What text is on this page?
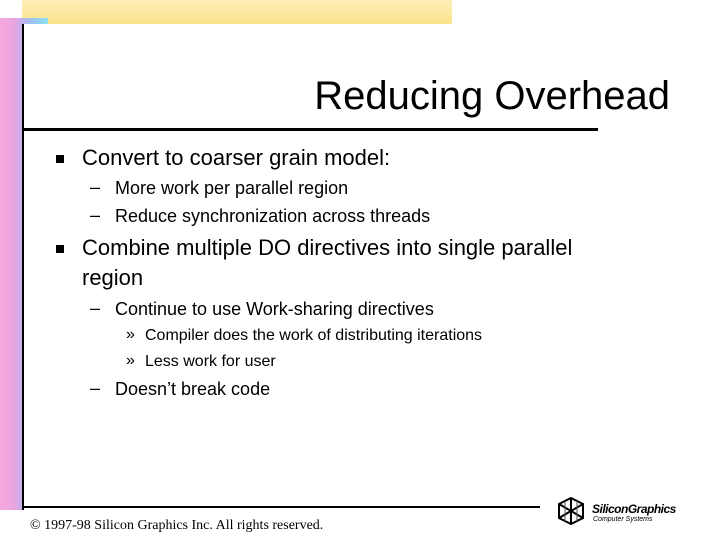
Reducing Overhead
Convert to coarser grain model:
– More work per parallel region
– Reduce synchronization across threads
Combine multiple DO directives into single parallel
region
– Continue to use Work-sharing directives
» Compiler does the work of distributing iterations
» Less work for user
– Doesn’t break code
© 1997-98 Silicon Graphics Inc. All rights reserved.
SiliconGraphics
Computer Systems
